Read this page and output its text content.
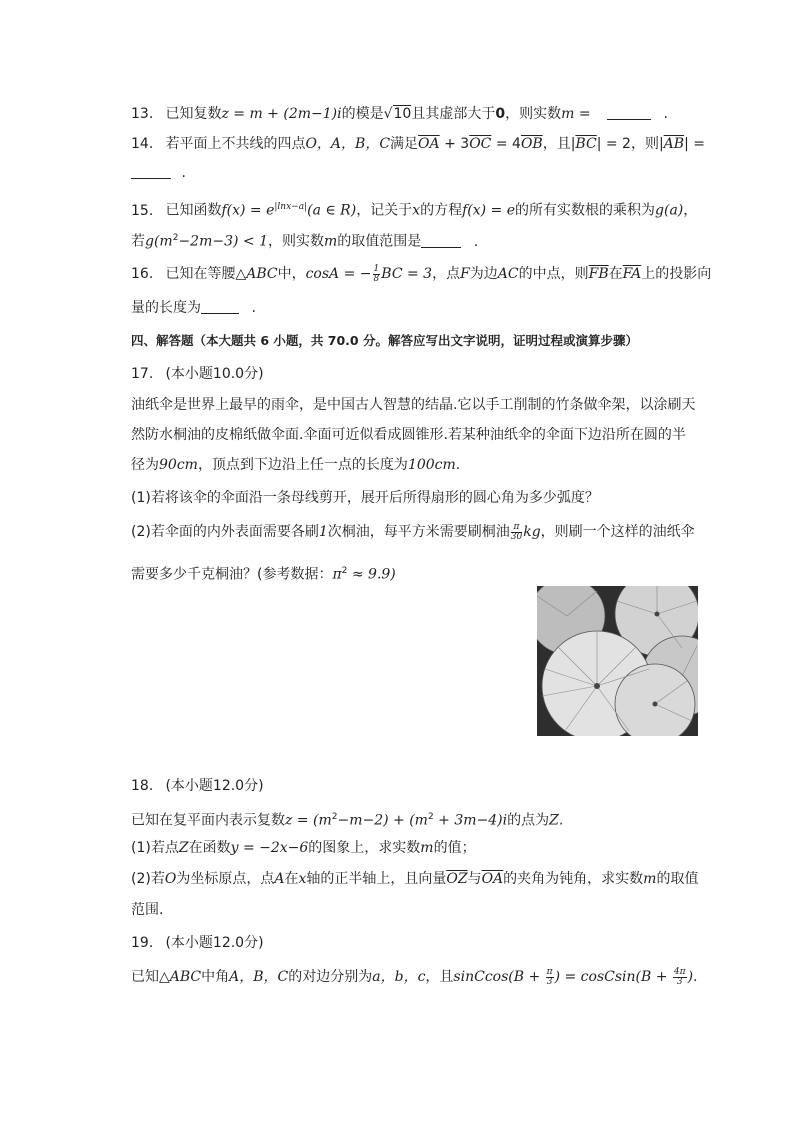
13. 已知复数z = m + (2m−1)i的模是√10且其虚部大于0，则实数m =	.
14. 若平面上不共线的四点O，A，B，C满足$\overline{OA} + 3\overline{OC} = 4\overline{OB}$，且$|\overline{BC}| = 2$，则$|\overline{AB}|$ =
.
15. 已知函数$f(x) = e^{|lnx-a|}(a$ ∈ R)，记关于x的方程f(x) = e的所有实数根的乘积为g(a)，
若$g(m^2-2m-3) < 1$，则实数m的取值范围是	.
16. 已知在等腰△ABC中，cosA = − $\frac{1}{8}$ BC = 3，点F为边AC的中点，则$\overline{FB}$在$\overline{FA}$上的投影向
量的长度为	.
四、解答题（本大题共 6 小题，共 70.0 分。解答应写出文字说明，证明过程或演算步骤）
17. (本小题10.0分)
油纸伞是世界上最早的雨伞，是中国古人智慧的结晶.它以手工削制的竹条做伞架，以涂刷天
然防水桐油的皮棉纸做伞面.伞面可近似看成圆锥形.若某种油纸伞的伞面下边沿所在圆的半
径为90cm，顶点到下边沿上任一点的长度为100cm.
(1)若将该伞的伞面沿一条母线剪开，展开后所得扇形的圆心角为多少弧度？
(2)若伞面的内外表面需要各刷1次桐油，每平方米需要刷桐油 $\frac{\pi}{30}$ kg，则刷一个这样的油纸伞
需要多少千克桐油？(参考数据：$\pi^2 \approx 9.9$)
18. (本小题12.0分)
已知在复平面内表示复数$z = (m^2-m-2) + (m^2 + 3m-4)i$的点为Z.
(1)若点Z在函数y = −2x−6的图象上，求实数m的值；
(2)若O为坐标原点，点A在x轴的正半轴上，且向量$\overline{OZ}$与$\overline{OA}$的夹角为钝角，求实数m的取值
范围.
19. (本小题12.0分)
已知△ABC中角A，B，C的对边分别为a，b，c，且sinCcos(B + $\frac{\pi}{3}$ ) = cosCsin(B + $\frac{4\pi}{3}$ ).
